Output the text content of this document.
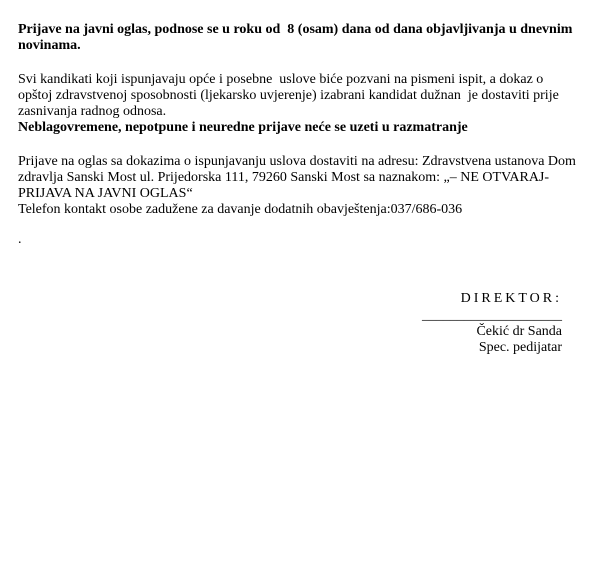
Prijave na javni oglas, podnose se u roku od  8 (osam) dana od dana objavljivanja u dnevnim novinama.

Svi kandikati koji ispunjavaju opće i posebne  uslove biće pozvani na pismeni ispit, a dokaz o opštoj zdravstvenoj sposobnosti (ljekarsko uvjerenje) izabrani kandidat dužnan  je dostaviti prije zasnivanja radnog odnosa.

Neblagovremene, nepotpune i neuredne prijave neće se uzeti u razmatranje

Prijave na oglas sa dokazima o ispunjavanju uslova dostaviti na adresu: Zdravstvena ustanova Dom zdravlja Sanski Most ul. Prijedorska 111, 79260 Sanski Most sa naznakom: „– NE OTVARAJ-  PRIJAVA NA JAVNI OGLAS“

Telefon kontakt osobe zadužene za davanje dodatnih obavještenja:037/686-036

.

DIREKTOR:
____________________
Čekić dr Sanda
Spec. pedijatar
